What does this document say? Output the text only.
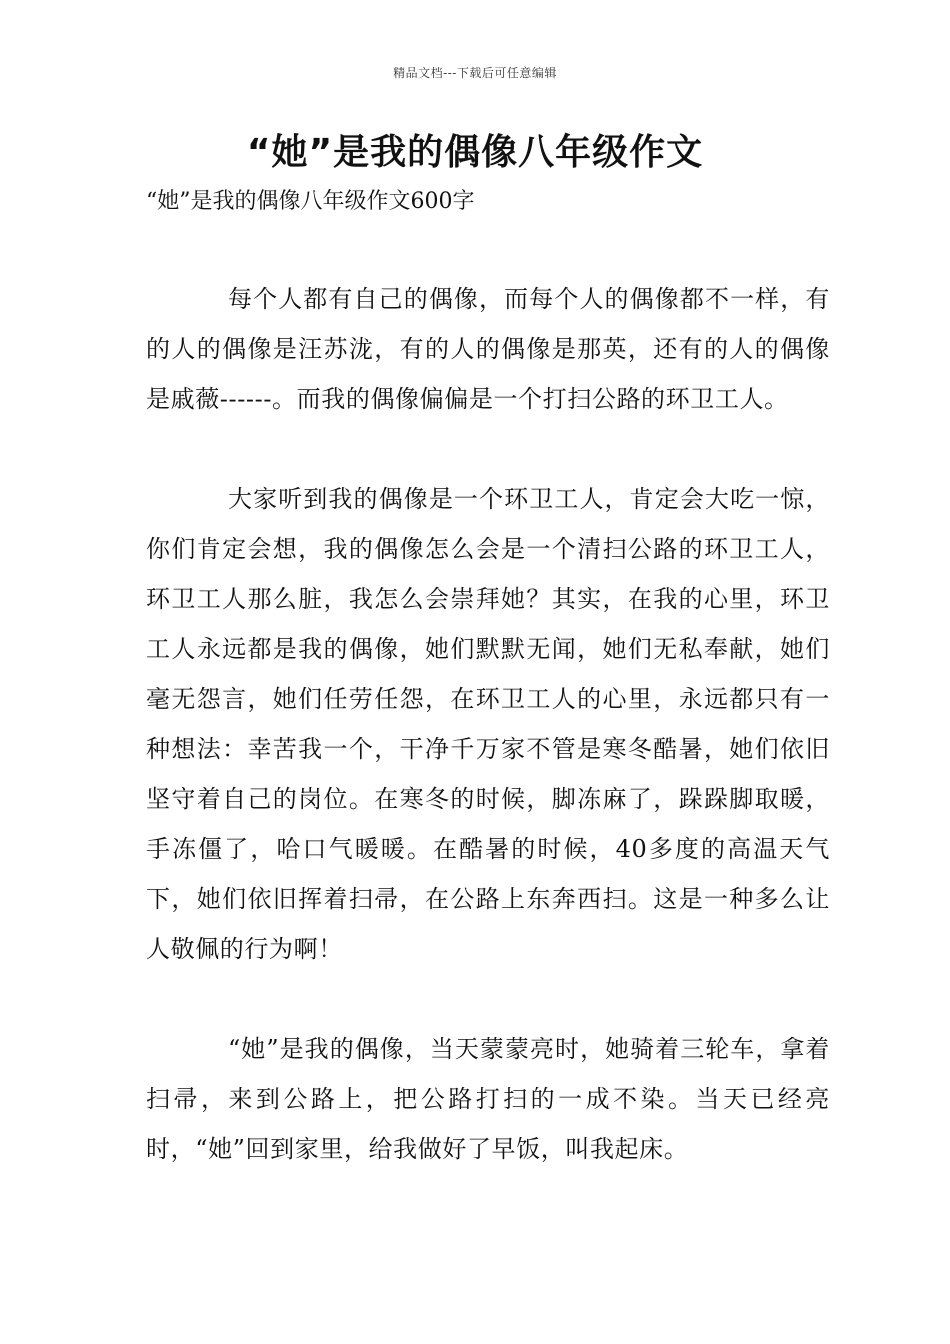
精品文档---下载后可任意编辑
“她”是我的偶像八年级作文

“她”是我的偶像八年级作文600字

每个人都有自己的偶像，而每个人的偶像都不一样，有的人的偶像是汪苏泷，有的人的偶像是那英，还有的人的偶像是戚薇------。而我的偶像偏偏是一个打扫公路的环卫工人。

大家听到我的偶像是一个环卫工人，肯定会大吃一惊，你们肯定会想，我的偶像怎么会是一个清扫公路的环卫工人，环卫工人那么脏，我怎么会崇拜她？其实，在我的心里，环卫工人永远都是我的偶像，她们默默无闻，她们无私奉献，她们毫无怨言，她们任劳任怨，在环卫工人的心里，永远都只有一种想法：幸苦我一个，干净千万家不管是寒冬酷暑，她们依旧坚守着自己的岗位。在寒冬的时候，脚冻麻了，跺跺脚取暖，手冻僵了，哈口气暖暖。在酷暑的时候，40多度的高温天气下，她们依旧挥着扫帚，在公路上东奔西扫。这是一种多么让人敬佩的行为啊！

“她”是我的偶像，当天蒙蒙亮时，她骑着三轮车，拿着扫帚，来到公路上，把公路打扫的一成不染。当天已经亮时，“她”回到家里，给我做好了早饭，叫我起床。
